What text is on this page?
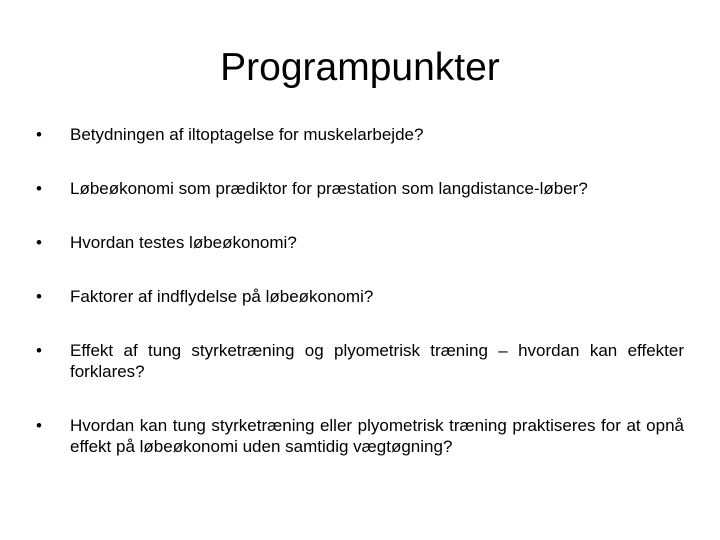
Programpunkter
•	Betydningen af iltoptagelse for muskelarbejde?
•	Løbeøkonomi som prædiktor for præstation som langdistance-løber?
•	Hvordan testes løbeøkonomi?
•	Faktorer af indflydelse på løbeøkonomi?
•	Effekt af tung styrketræning og plyometrisk træning – hvordan kan effekter forklares?
•	Hvordan kan tung styrketræning eller plyometrisk træning praktiseres for at opnå effekt på løbeøkonomi uden samtidig vægtøgning?
